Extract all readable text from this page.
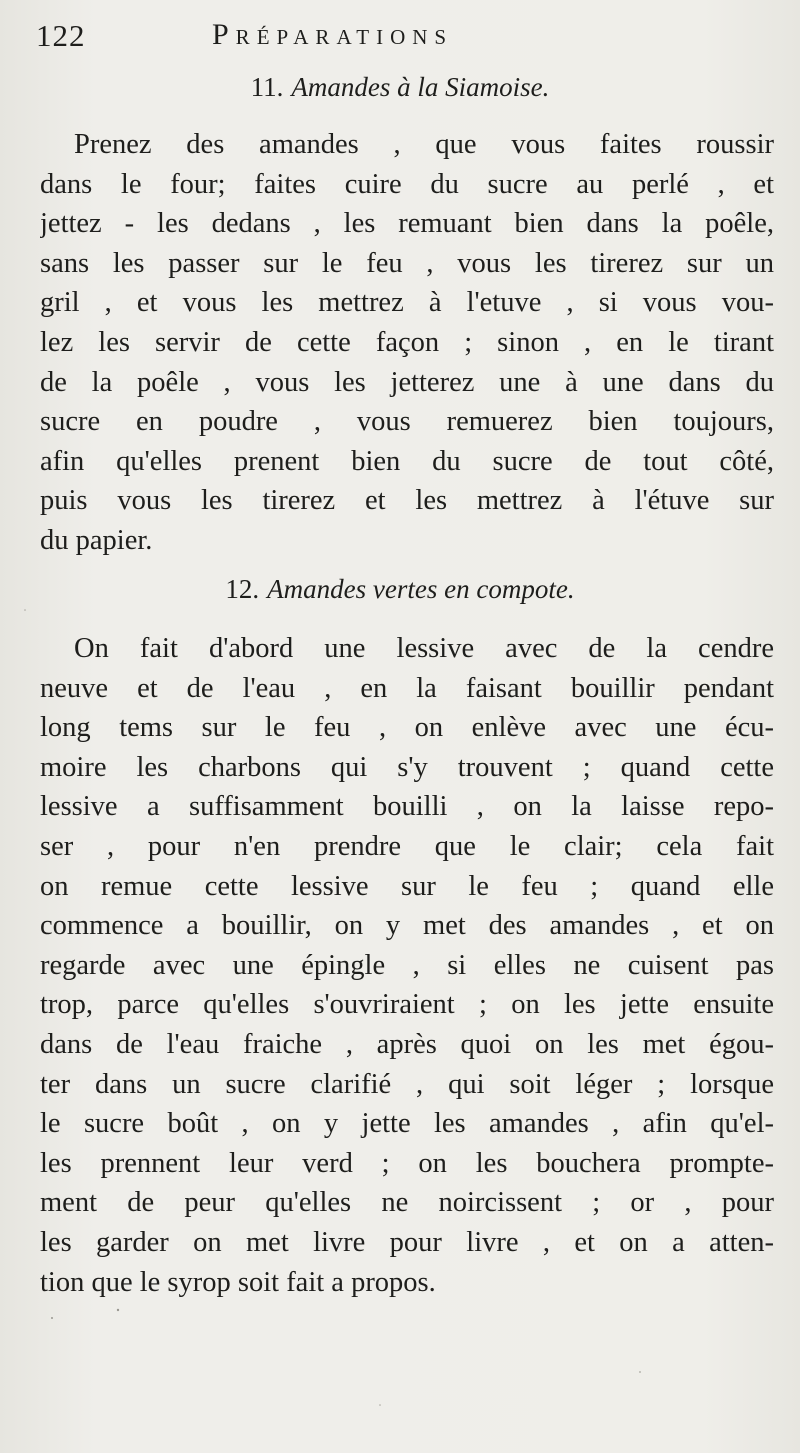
122	Préparations
11. Amandes à la Siamoise.
Prenez des amandes , que vous faites roussir
dans le four; faites cuire du sucre au perlé , et
jettez - les dedans , les remuant bien dans la poêle,
sans les passer sur le feu , vous les tirerez sur un
gril , et vous les mettrez à l'etuve , si vous vou-
lez les servir de cette façon ; sinon , en le tirant
de la poêle , vous les jetterez une à une dans du
sucre en poudre , vous remuerez bien toujours,
afin qu'elles prenent bien du sucre de tout côté,
puis vous les tirerez et les mettrez à l'étuve sur
du papier.
12. Amandes vertes en compote.
On fait d'abord une lessive avec de la cendre
neuve et de l'eau , en la faisant bouillir pendant
long tems sur le feu , on enlève avec une écu-
moire les charbons qui s'y trouvent ; quand cette
lessive a suffisamment bouilli , on la laisse repo-
ser , pour n'en prendre que le clair; cela fait
on remue cette lessive sur le feu ; quand elle
commence a bouillir, on y met des amandes , et on
regarde avec une épingle , si elles ne cuisent pas
trop, parce qu'elles s'ouvriraient ; on les jette ensuite
dans de l'eau fraiche , après quoi on les met égou-
ter dans un sucre clarifié , qui soit léger ; lorsque
le sucre boût , on y jette les amandes , afin qu'el-
les prennent leur verd ; on les bouchera prompte-
ment de peur qu'elles ne noircissent ; or , pour
les garder on met livre pour livre , et on a atten-
tion que le syrop soit fait a propos.
